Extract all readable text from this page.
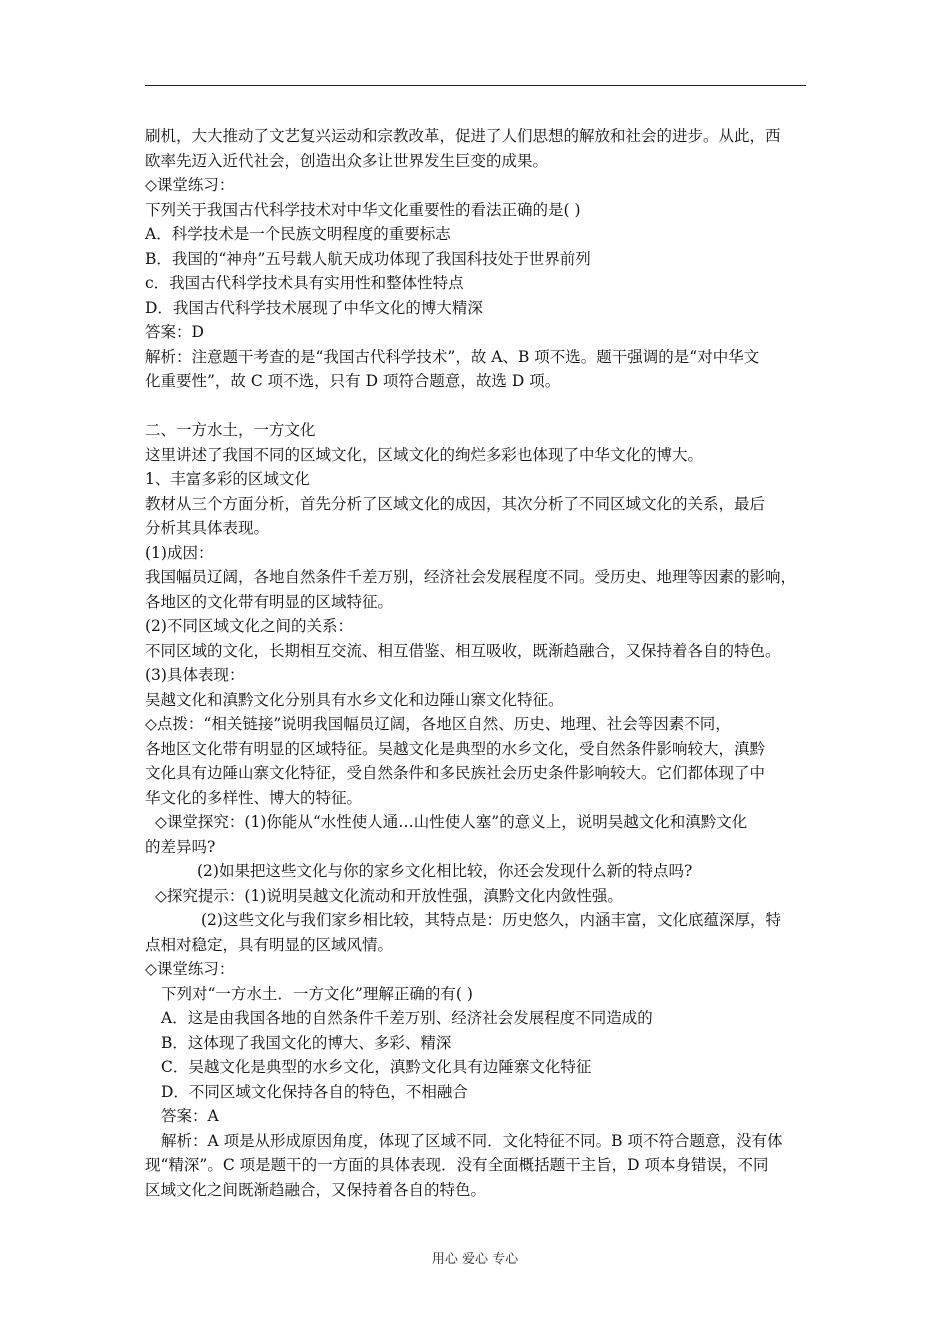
刷机，大大推动了文艺复兴运动和宗教改革，促进了人们思想的解放和社会的进步。从此，西
欧率先迈入近代社会，创造出众多让世界发生巨变的成果。
◇课堂练习：
下列关于我国古代科学技术对中华文化重要性的看法正确的是( )
A．科学技术是一个民族文明程度的重要标志
B．我国的“神舟”五号载人航天成功体现了我国科技处于世界前列
c．我国古代科学技术具有实用性和整体性特点
D．我国古代科学技术展现了中华文化的博大精深
答案：D
解析：注意题干考查的是“我国古代科学技术”，故 A、B 项不选。题干强调的是“对中华文
化重要性”，故 C 项不选，只有 D 项符合题意，故选 D 项。
二、一方水土，一方文化
这里讲述了我国不同的区域文化，区域文化的绚烂多彩也体现了中华文化的博大。
1、丰富多彩的区域文化
教材从三个方面分析，首先分析了区域文化的成因，其次分析了不同区域文化的关系，最后
分析其具体表现。
(1)成因：
我国幅员辽阔，各地自然条件千差万别，经济社会发展程度不同。受历史、地理等因素的影响，
各地区的文化带有明显的区域特征。
(2)不同区域文化之间的关系：
不同区域的文化，长期相互交流、相互借鉴、相互吸收，既渐趋融合，又保持着各自的特色。
(3)具体表现：
吴越文化和滇黔文化分别具有水乡文化和边陲山寨文化特征。
◇点拨：“相关链接”说明我国幅员辽阔，各地区自然、历史、地理、社会等因素不同，
各地区文化带有明显的区域特征。吴越文化是典型的水乡文化，受自然条件影响较大，滇黔
文化具有边陲山寨文化特征，受自然条件和多民族社会历史条件影响较大。它们都体现了中
华文化的多样性、博大的特征。
◇课堂探究：(1)你能从“水性使人通…山性使人塞”的意义上，说明吴越文化和滇黔文化
的差异吗?
(2)如果把这些文化与你的家乡文化相比较，你还会发现什么新的特点吗?
◇探究提示：(1)说明吴越文化流动和开放性强，滇黔文化内敛性强。
(2)这些文化与我们家乡相比较，其特点是：历史悠久，内涵丰富，文化底蕴深厚，特
点相对稳定，具有明显的区域风情。
◇课堂练习：
下列对“一方水土．一方文化”理解正确的有( )
A．这是由我国各地的自然条件千差万别、经济社会发展程度不同造成的
B．这体现了我国文化的博大、多彩、精深
C．吴越文化是典型的水乡文化，滇黔文化具有边陲寨文化特征
D．不同区域文化保持各自的特色，不相融合
答案：A
解析：A 项是从形成原因角度，体现了区域不同．文化特征不同。B 项不符合题意，没有体
现“精深”。C 项是题干的一方面的具体表现．没有全面概括题干主旨，D 项本身错误，不同
区域文化之间既渐趋融合，又保持着各自的特色。
用心 爱心 专心
